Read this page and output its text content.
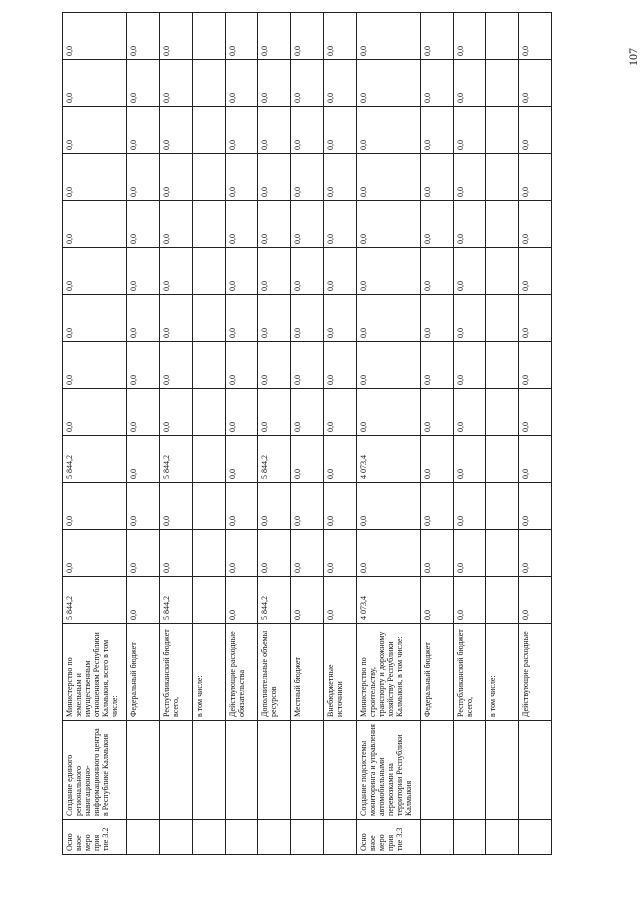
107
Осно вное меро прия тие 3.2	Создание единого регионального навигационно-информационного центра в Республике Калмыкия	Министерство по земельным и имущественным отношениям Республики Калмыкия, всего в том числе:	5 844,2	0,0	0,0	5 844,2	0,0	0,0	0,0	0,0	0,0	0,0	0,0	0,0	0,0
		Федеральный бюджет	0,0	0,0	0,0	0,0	0,0	0,0	0,0	0,0	0,0	0,0	0,0	0,0	0,0
		Республиканский бюджет всего,	5 844,2	0,0	0,0	5 844,2	0,0	0,0	0,0	0,0	0,0	0,0	0,0	0,0	0,0
		в том числе:													
		Действующие расходные обязательства	0,0	0,0	0,0	0,0	0,0	0,0	0,0	0,0	0,0	0,0	0,0	0,0	0,0
		Дополнительные объемы ресурсов	5 844,2	0,0	0,0	5 844,2	0,0	0,0	0,0	0,0	0,0	0,0	0,0	0,0	0,0
		Местный бюджет	0,0	0,0	0,0	0,0	0,0	0,0	0,0	0,0	0,0	0,0	0,0	0,0	0,0
		Внебюджетные источники	0,0	0,0	0,0	0,0	0,0	0,0	0,0	0,0	0,0	0,0	0,0	0,0	0,0
Осно вное меро прия тие 3.3	Создание подсистемы мониторинга и управления автомобильными перевозками на территории Республики Калмыкия	Министерство по строительству, транспорту и дорожному хозяйству Республики Калмыкия, в том числе:	4 073,4	0,0	0,0	4 073,4	0,0	0,0	0,0	0,0	0,0	0,0	0,0	0,0	0,0
		Федеральный бюджет	0,0	0,0	0,0	0,0	0,0	0,0	0,0	0,0	0,0	0,0	0,0	0,0	0,0
		Республиканский бюджет всего,	0,0	0,0	0,0	0,0	0,0	0,0	0,0	0,0	0,0	0,0	0,0	0,0	0,0
		в том числе:													
		Действующие расходные	0,0	0,0	0,0	0,0	0,0	0,0	0,0	0,0	0,0	0,0	0,0	0,0	0,0
